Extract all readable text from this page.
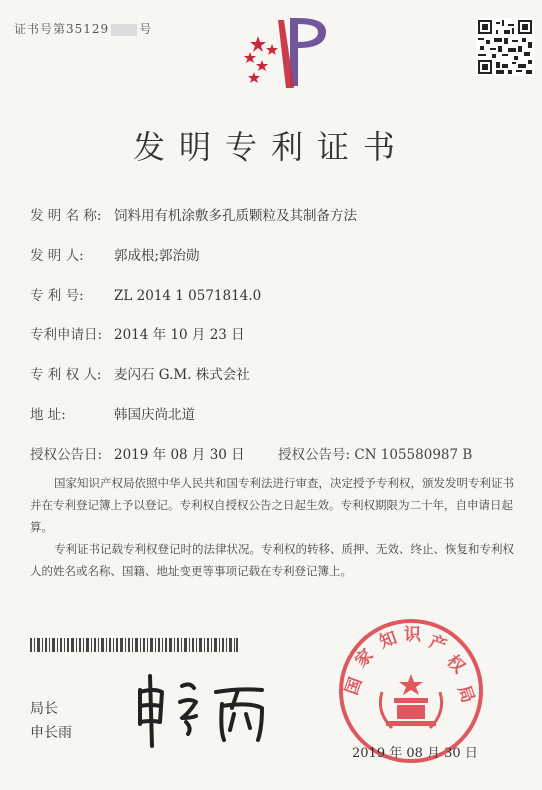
证书号第35129	号
发明专利证书
发 明 名 称: 饲料用有机涂敷多孔质颗粒及其制备方法
发 明 人: 郭成根;郭治勋
专 利 号: ZL 2014 1 0571814.0
专利申请日: 2014 年 10 月 23 日
专 利 权 人: 麦闪石 G.M. 株式会社
地 址:	韩国庆尚北道
授权公告日: 2019 年 08 月 30 日 授权公告号: CN 105580987 B
国家知识产权局依照中华人民共和国专利法进行审查，决定授予专利权，颁发发明专利证书并在专利登记簿上予以登记。专利权自授权公告之日起生效。专利权期限为二十年，自申请日起算。
专利证书记载专利权登记时的法律状况。专利权的转移、质押、无效、终止、恢复和专利权人的姓名或名称、国籍、地址变更等事项记载在专利登记簿上。
局长
申长雨
国
家
知 识 产
权
局
2019 年 08 月 30 日
